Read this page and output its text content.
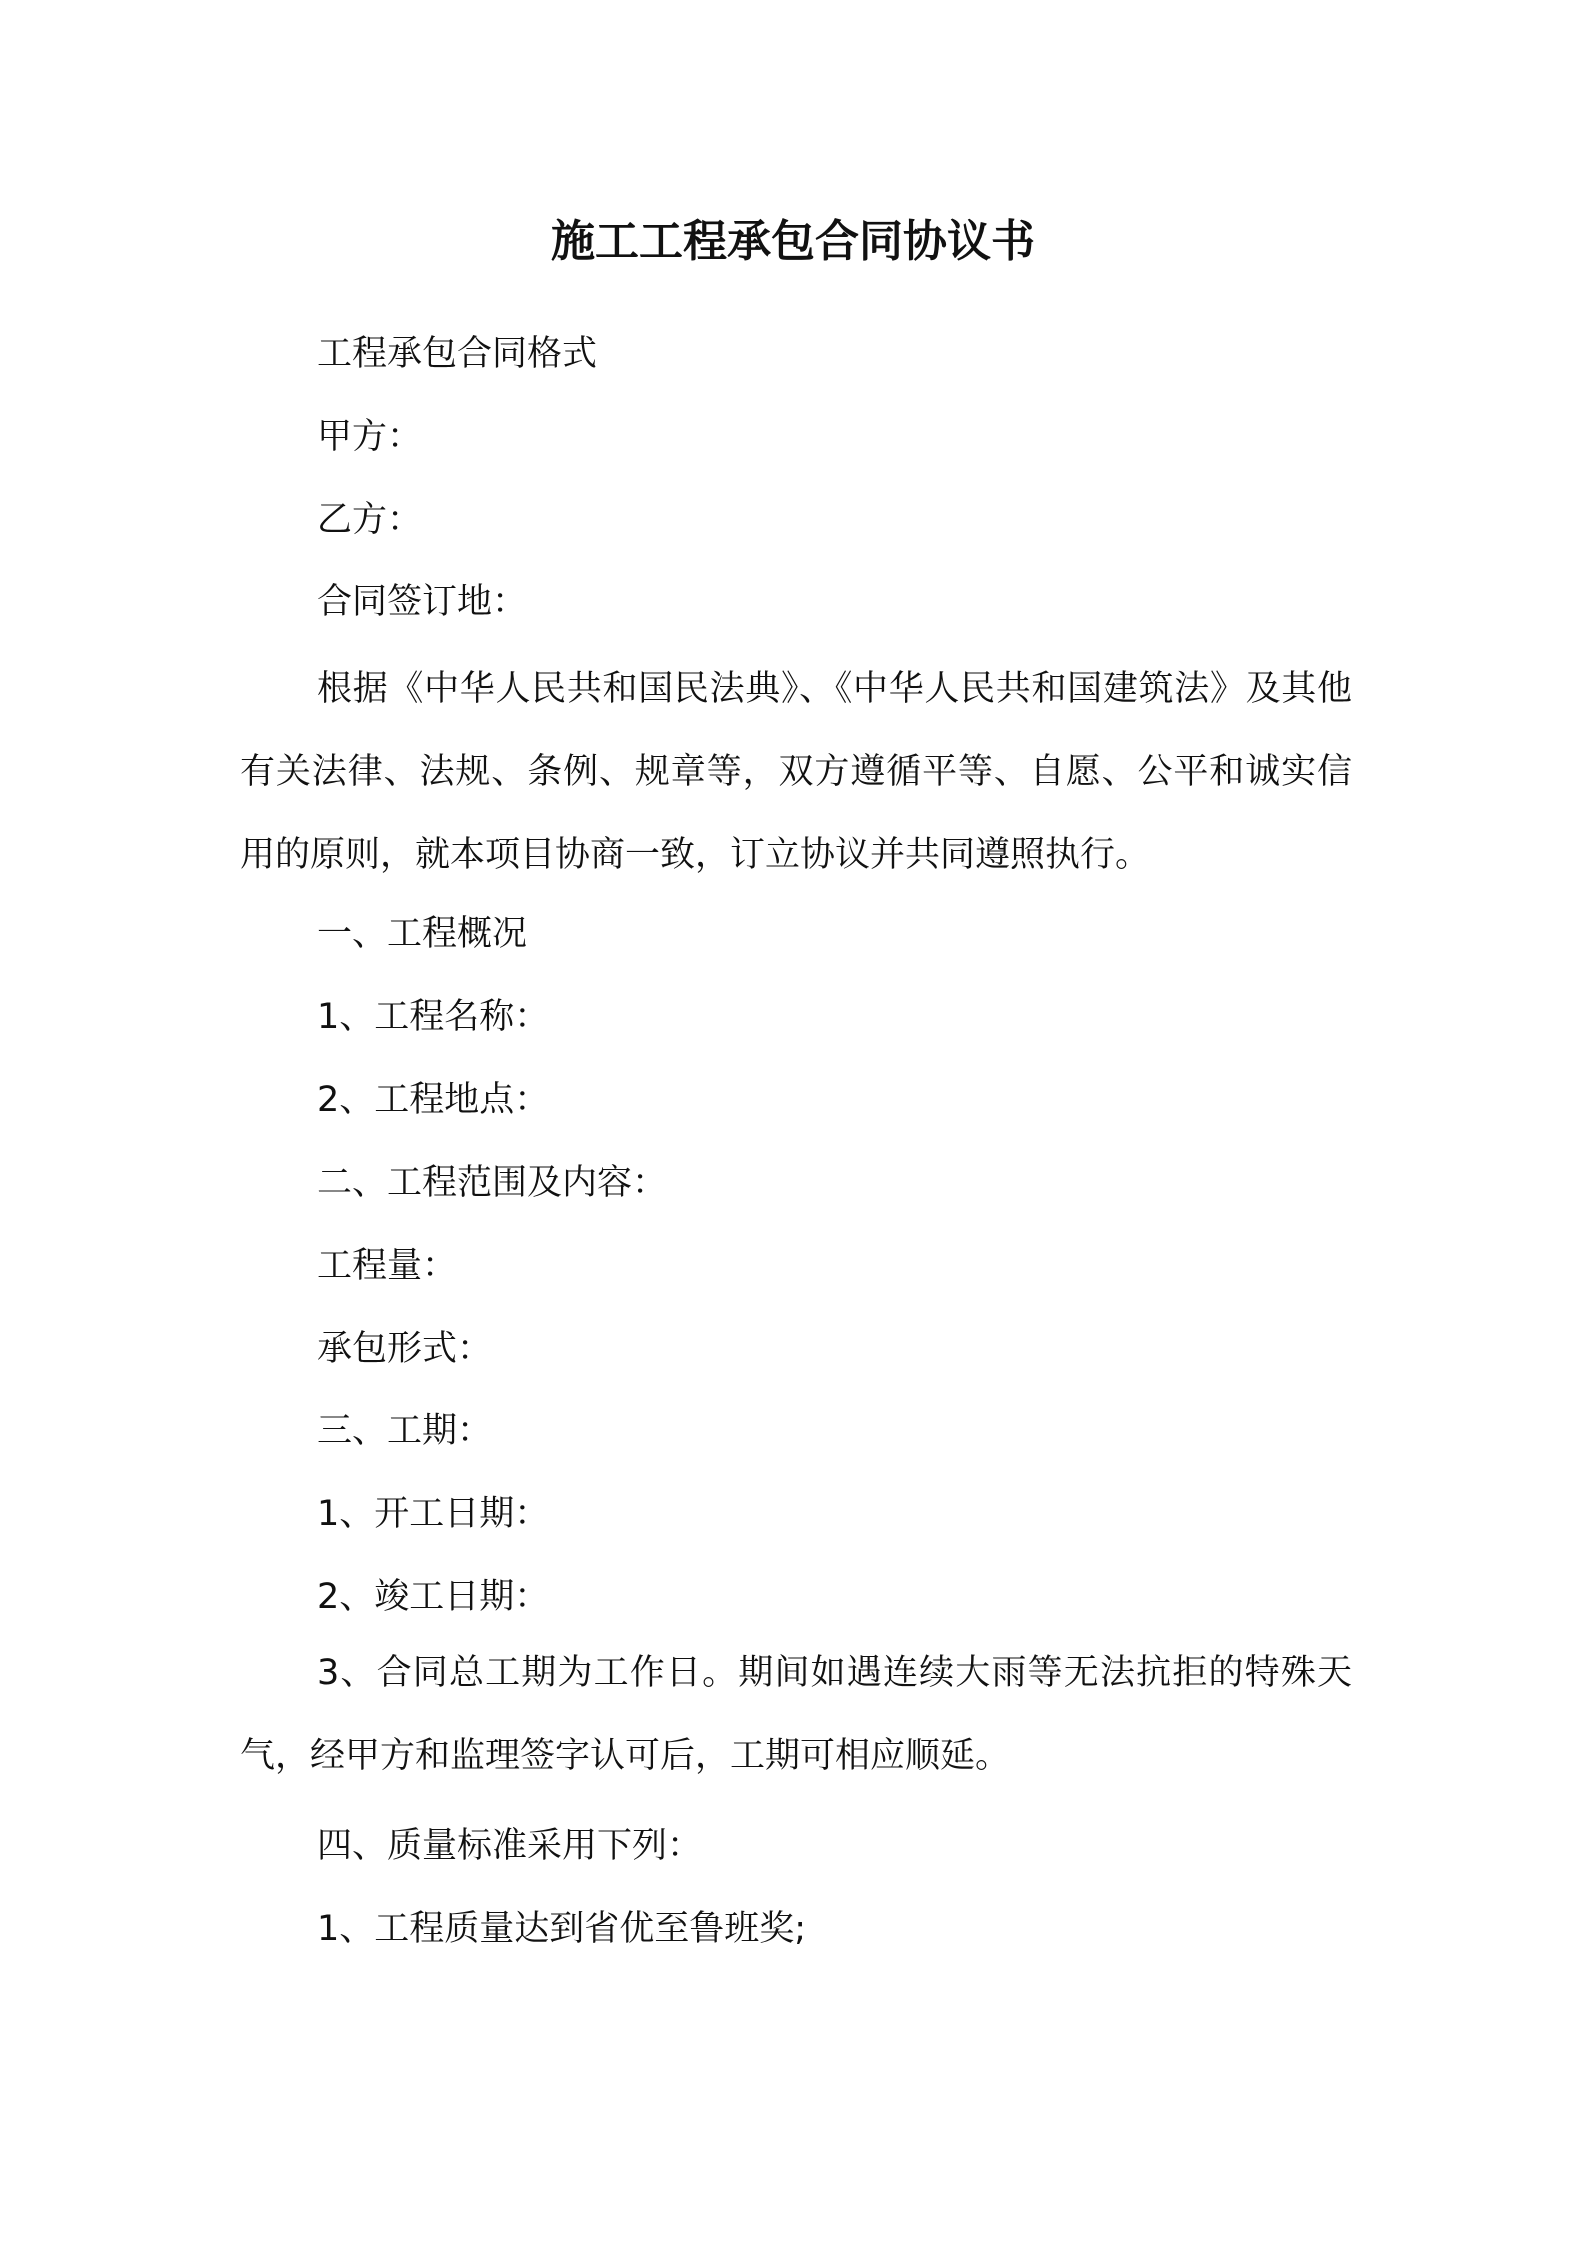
施工工程承包合同协议书
工程承包合同格式
甲方：
乙方：
合同签订地：

根据《中华人民共和国民法典》、《中华人民共和国建筑法》及其他有关法律、法规、条例、规章等，双方遵循平等、自愿、公平和诚实信用的原则，就本项目协商一致，订立协议并共同遵照执行。

一、工程概况
1、工程名称：
2、工程地点：
二、工程范围及内容：
工程量：
承包形式：
三、工期：
1、开工日期：
2、竣工日期：

3、合同总工期为工作日。期间如遇连续大雨等无法抗拒的特殊天气，经甲方和监理签字认可后，工期可相应顺延。

四、质量标准采用下列：
1、工程质量达到省优至鲁班奖;
